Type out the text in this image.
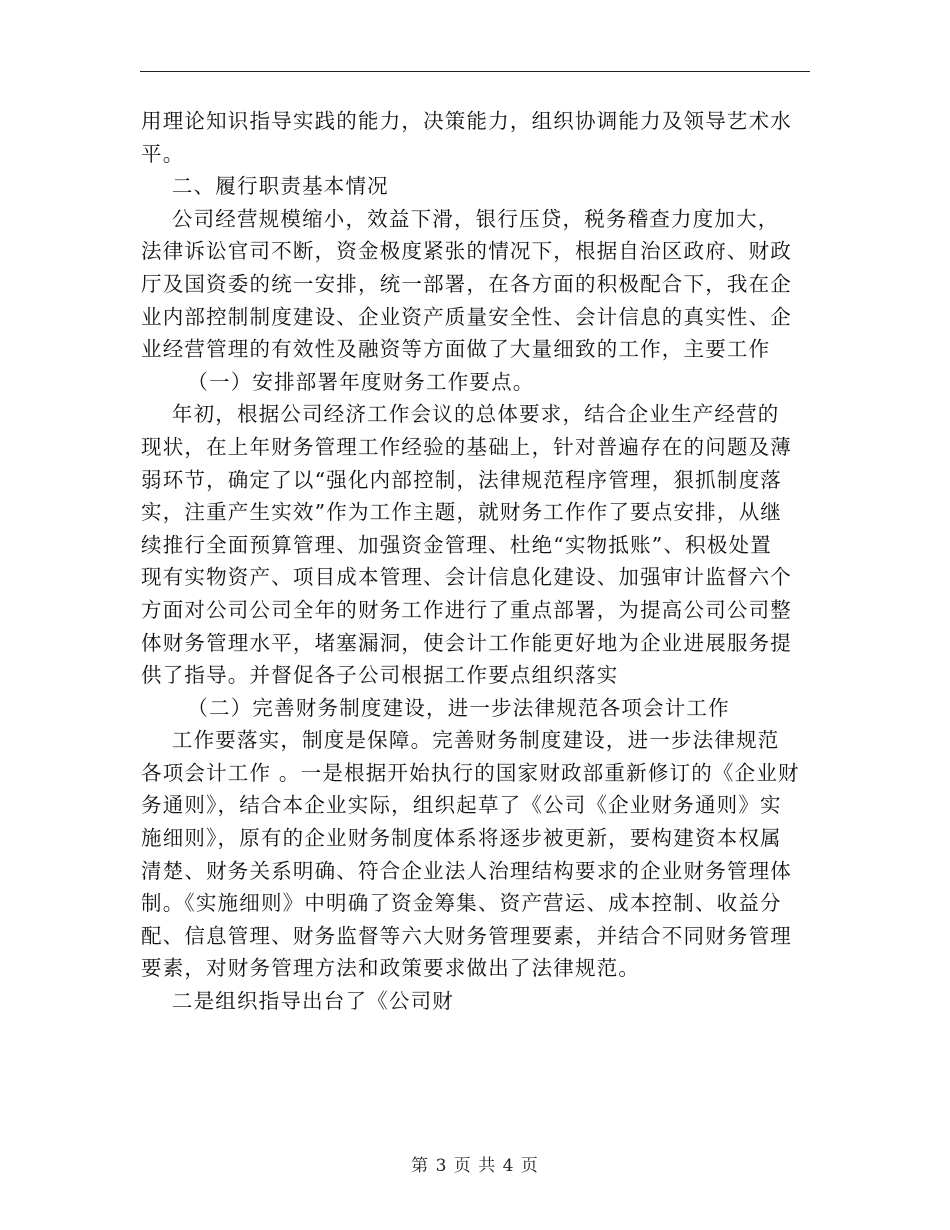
用理论知识指导实践的能力，决策能力，组织协调能力及领导艺术水

平。

二、履行职责基本情况

公司经营规模缩小，效益下滑，银行压贷，税务稽查力度加大，

法律诉讼官司不断，资金极度紧张的情况下，根据自治区政府、财政

厅及国资委的统一安排，统一部署，在各方面的积极配合下，我在企

业内部控制制度建设、企业资产质量安全性、会计信息的真实性、企

业经营管理的有效性及融资等方面做了大量细致的工作，主要工作

（一）安排部署年度财务工作要点。

年初，根据公司经济工作会议的总体要求，结合企业生产经营的

现状，在上年财务管理工作经验的基础上，针对普遍存在的问题及薄

弱环节，确定了以“强化内部控制，法律规范程序管理，狠抓制度落

实，注重产生实效”作为工作主题，就财务工作作了要点安排，从继

续推行全面预算管理、加强资金管理、杜绝“实物抵账”、积极处置

现有实物资产、项目成本管理、会计信息化建设、加强审计监督六个

方面对公司公司全年的财务工作进行了重点部署，为提高公司公司整

体财务管理水平，堵塞漏洞，使会计工作能更好地为企业进展服务提

供了指导。并督促各子公司根据工作要点组织落实

（二）完善财务制度建设，进一步法律规范各项会计工作

工作要落实，制度是保障。完善财务制度建设，进一步法律规范

各项会计工作 。一是根据开始执行的国家财政部重新修订的《企业财

务通则》，结合本企业实际，组织起草了《公司《企业财务通则》实

施细则》，原有的企业财务制度体系将逐步被更新，要构建资本权属

清楚、财务关系明确、符合企业法人治理结构要求的企业财务管理体

制。《实施细则》中明确了资金筹集、资产营运、成本控制、收益分

配、信息管理、财务监督等六大财务管理要素，并结合不同财务管理

要素，对财务管理方法和政策要求做出了法律规范。

二是组织指导出台了《公司财

第 3 页 共 4 页
